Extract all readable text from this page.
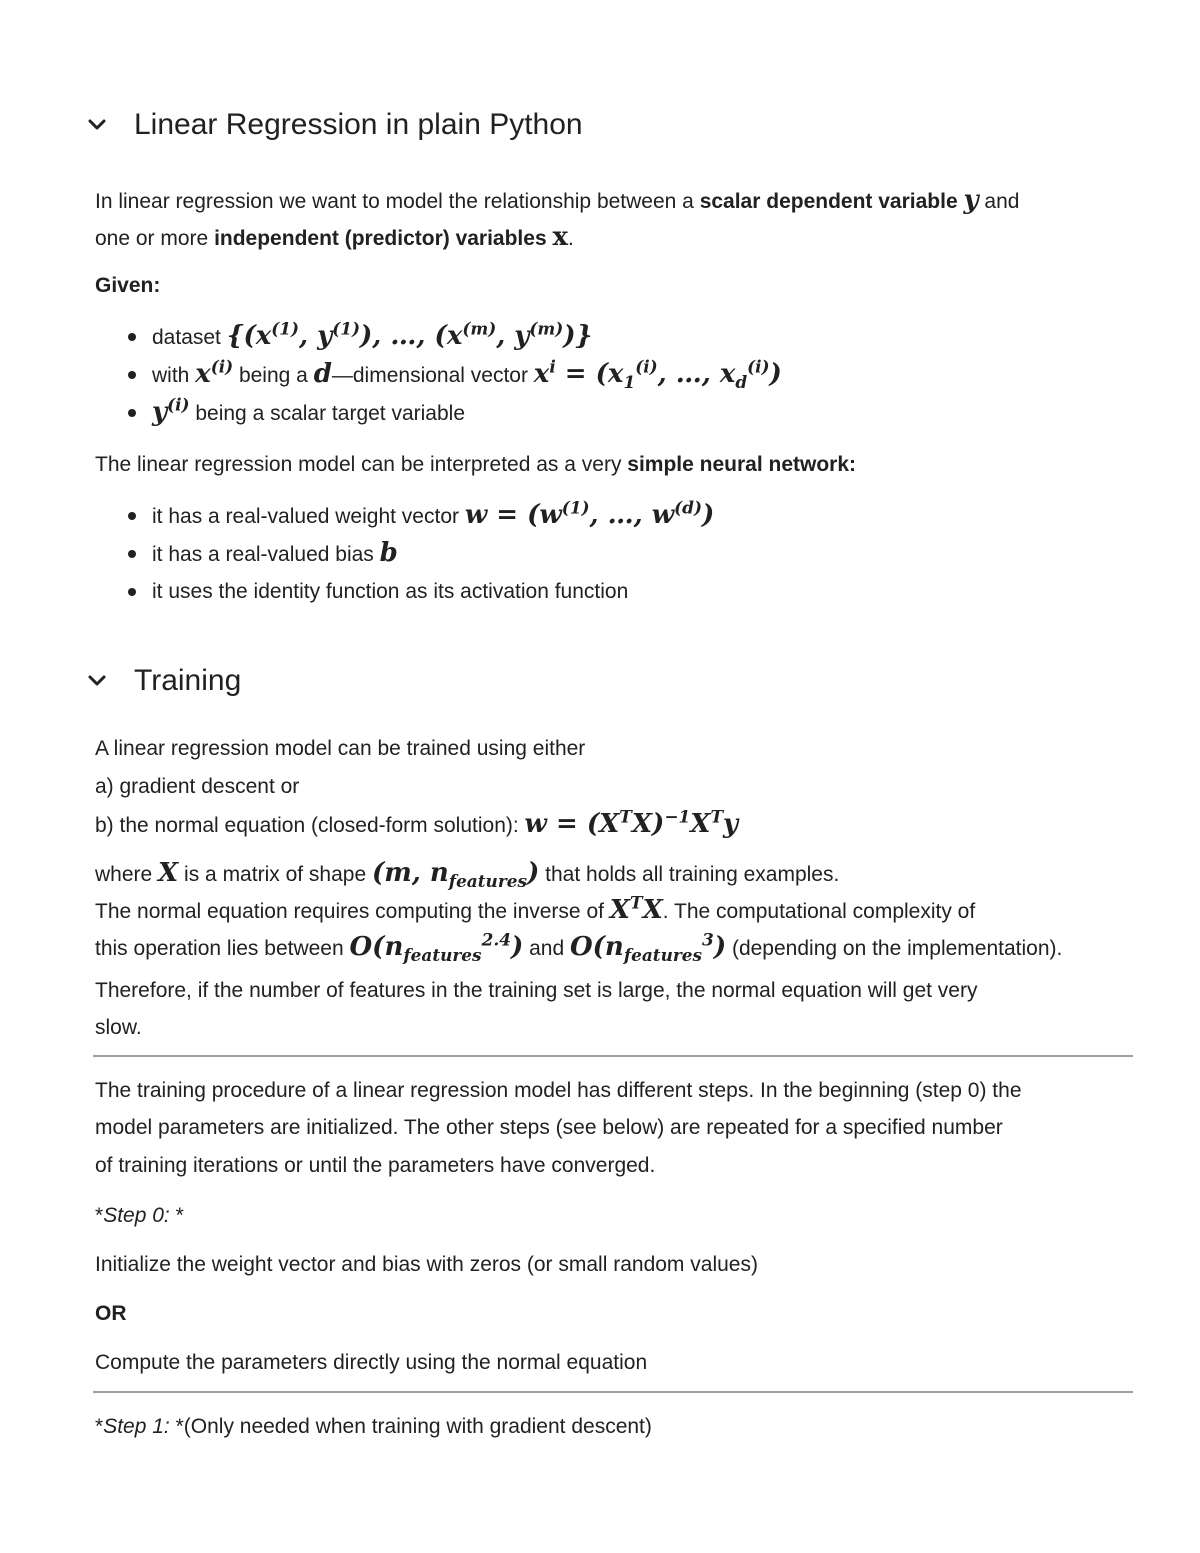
Linear Regression in plain Python
In linear regression we want to model the relationship between a scalar dependent variable y and
one or more independent (predictor) variables x.
Given:
dataset {($x^{(1)}$, $y^{(1)}$), …, ($x^{(m)}$, $y^{(m)}$)}
with $x^{(i)}$ being a d—dimensional vector $x^i = (x_1^{(i)}$, …, $x_d^{(i)}$)
$y^{(i)}$ being a scalar target variable
The linear regression model can be interpreted as a very simple neural network:
it has a real-valued weight vector $w = (w^{(1)}$, …, $w^{(d)}$)
it has a real-valued bias b
it uses the identity function as its activation function
Training
A linear regression model can be trained using either
a) gradient descent or
b) the normal equation (closed-form solution): $w = (X^TX)^{-1}X^Ty$
where X is a matrix of shape (m, $n_{features}$) that holds all training examples.
The normal equation requires computing the inverse of $X^TX$. The computational complexity of
this operation lies between $O(n_{features}^{2.4})$ and $O(n_{features}^3)$ (depending on the implementation).
Therefore, if the number of features in the training set is large, the normal equation will get very
slow.
The training procedure of a linear regression model has different steps. In the beginning (step 0) the
model parameters are initialized. The other steps (see below) are repeated for a specified number
of training iterations or until the parameters have converged.
*Step 0: *
Initialize the weight vector and bias with zeros (or small random values)
OR
Compute the parameters directly using the normal equation
*Step 1: *(Only needed when training with gradient descent)
